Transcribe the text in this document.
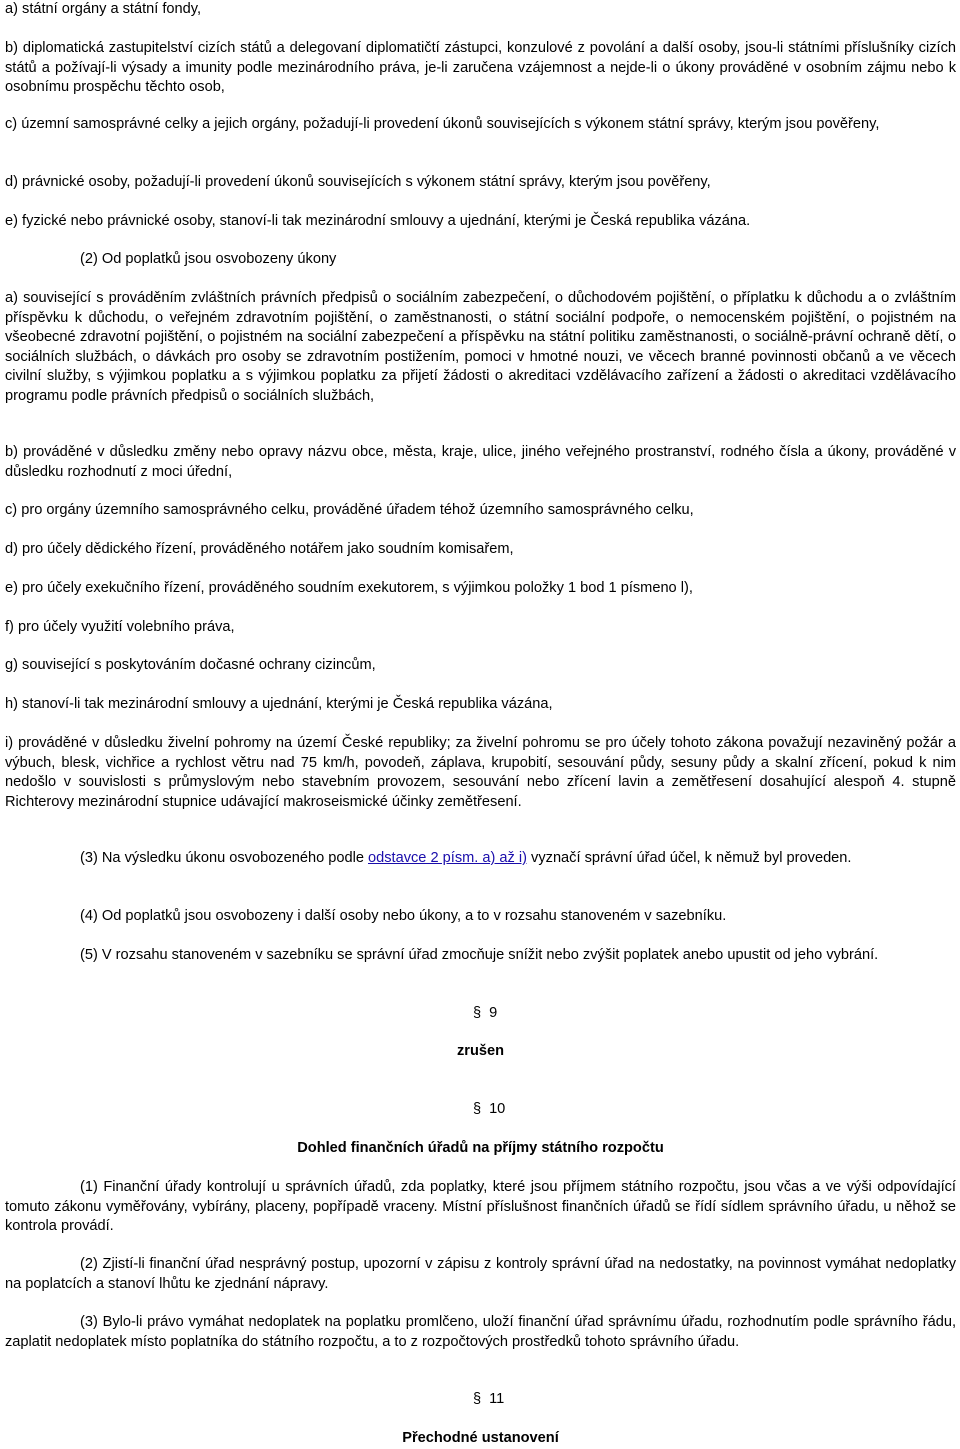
a) státní orgány a státní fondy,

b) diplomatická zastupitelství cizích států a delegovaní diplomatičtí zástupci, konzulové z povolání a další osoby, jsou-li státními příslušníky cizích států a požívají-li výsady a imunity podle mezinárodního práva, je-li zaručena vzájemnost a nejde-li o úkony prováděné v osobním zájmu nebo k osobnímu prospěchu těchto osob,

c) územní samosprávné celky a jejich orgány, požadují-li provedení úkonů souvisejících s výkonem státní správy, kterým jsou pověřeny,

d) právnické osoby, požadují-li provedení úkonů souvisejících s výkonem státní správy, kterým jsou pověřeny,

e) fyzické nebo právnické osoby, stanoví-li tak mezinárodní smlouvy a ujednání, kterými je Česká republika vázána.

(2) Od poplatků jsou osvobozeny úkony

a) související s prováděním zvláštních právních předpisů o sociálním zabezpečení, o důchodovém pojištění, o příplatku k důchodu a o zvláštním příspěvku k důchodu, o veřejném zdravotním pojištění, o zaměstnanosti, o státní sociální podpoře, o nemocenském pojištění, o pojistném na všeobecné zdravotní pojištění, o pojistném na sociální zabezpečení a příspěvku na státní politiku zaměstnanosti, o sociálně-právní ochraně dětí, o sociálních službách, o dávkách pro osoby se zdravotním postižením, pomoci v hmotné nouzi, ve věcech branné povinnosti občanů a ve věcech civilní služby, s výjimkou poplatku a s výjimkou poplatku za přijetí žádosti o akreditaci vzdělávacího zařízení a žádosti o akreditaci vzdělávacího programu podle právních předpisů o sociálních službách,

b) prováděné v důsledku změny nebo opravy názvu obce, města, kraje, ulice, jiného veřejného prostranství, rodného čísla a úkony, prováděné v důsledku rozhodnutí z moci úřední,

c) pro orgány územního samosprávného celku, prováděné úřadem téhož územního samosprávného celku,

d) pro účely dědického řízení, prováděného notářem jako soudním komisařem,

e) pro účely exekučního řízení, prováděného soudním exekutorem, s výjimkou položky 1 bod 1 písmeno l),

f) pro účely využití volebního práva,

g) související s poskytováním dočasné ochrany cizincům,

h) stanoví-li tak mezinárodní smlouvy a ujednání, kterými je Česká republika vázána,

i) prováděné v důsledku živelní pohromy na území České republiky; za živelní pohromu se pro účely tohoto zákona považují nezaviněný požár a výbuch, blesk, vichřice a rychlost větru nad 75 km/h, povodeň, záplava, krupobití, sesouvání půdy, sesuny půdy a skalní zřícení, pokud k nim nedošlo v souvislosti s průmyslovým nebo stavebním provozem, sesouvání nebo zřícení lavin a zemětřesení dosahující alespoň 4. stupně Richterovy mezinárodní stupnice udávající makroseismické účinky zemětřesení.

(3) Na výsledku úkonu osvobozeného podle odstavce 2 písm. a) až i) vyznačí správní úřad účel, k němuž byl proveden.

(4) Od poplatků jsou osvobozeny i další osoby nebo úkony, a to v rozsahu stanoveném v sazebníku.

(5) V rozsahu stanoveném v sazebníku se správní úřad zmocňuje snížit nebo zvýšit poplatek anebo upustit od jeho vybrání.

§ 9

zrušen

§ 10

Dohled finančních úřadů na příjmy státního rozpočtu

(1) Finanční úřady kontrolují u správních úřadů, zda poplatky, které jsou příjmem státního rozpočtu, jsou včas a ve výši odpovídající tomuto zákonu vyměřovány, vybírány, placeny, popřípadě vraceny. Místní příslušnost finančních úřadů se řídí sídlem správního úřadu, u něhož se kontrola provádí.

(2) Zjistí-li finanční úřad nesprávný postup, upozorní v zápisu z kontroly správní úřad na nedostatky, na povinnost vymáhat nedoplatky na poplatcích a stanoví lhůtu ke zjednání nápravy.

(3) Bylo-li právo vymáhat nedoplatek na poplatku promlčeno, uloží finanční úřad správnímu úřadu, rozhodnutím podle správního řádu, zaplatit nedoplatek místo poplatníka do státního rozpočtu, a to z rozpočtových prostředků tohoto správního úřadu.

§ 11

Přechodné ustanovení
